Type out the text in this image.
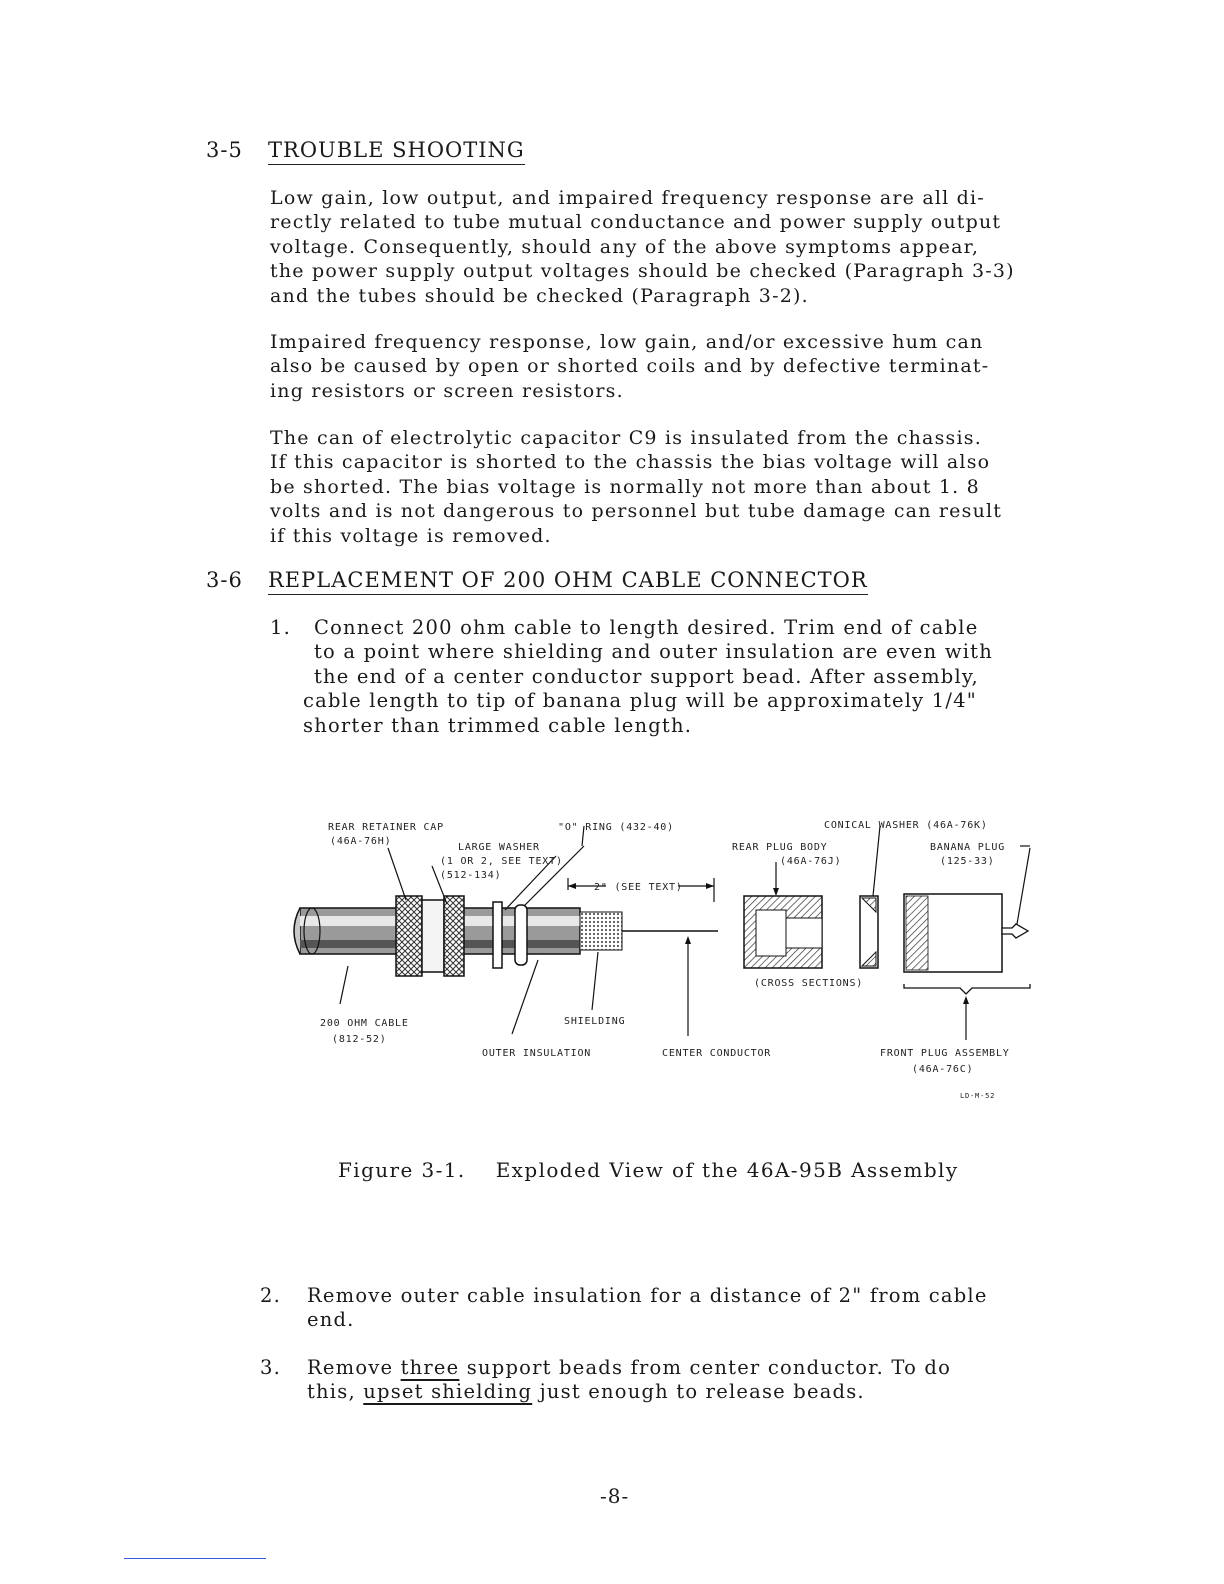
3-5 TROUBLE SHOOTING
Low gain, low output, and impaired frequency response are all di-
rectly related to tube mutual conductance and power supply output
voltage. Consequently, should any of the above symptoms appear,
the power supply output voltages should be checked (Paragraph 3-3)
and the tubes should be checked (Paragraph 3-2).
Impaired frequency response, low gain, and/or excessive hum can
also be caused by open or shorted coils and by defective terminat-
ing resistors or screen resistors.
The can of electrolytic capacitor C9 is insulated from the chassis.
If this capacitor is shorted to the chassis the bias voltage will also
be shorted. The bias voltage is normally not more than about 1. 8
volts and is not dangerous to personnel but tube damage can result
if this voltage is removed.
3-6 REPLACEMENT OF 200 OHM CABLE CONNECTOR
1. Connect 200 ohm cable to length desired. Trim end of cable
to a point where shielding and outer insulation are even with
the end of a center conductor support bead. After assembly,
cable length to tip of banana plug will be approximately 1/4"
shorter than trimmed cable length.
REAR RETAINER CAP
(46A-76H)
"O" RING (432-40)
LARGE WASHER
(1 OR 2, SEE TEXT)
(512-134)
2" (SEE TEXT)
CONICAL WASHER (46A-76K)
REAR PLUG BODY
(46A-76J)
BANANA PLUG
(125-33)
(CROSS SECTIONS)
200 OHM CABLE
(812-52)
SHIELDING
OUTER INSULATION	CENTER CONDUCTOR	FRONT PLUG ASSEMBLY
(46A-76C)
LD-M-52
Figure 3-1. Exploded View of the 46A-95B Assembly
2. Remove outer cable insulation for a distance of 2" from cable
end.
3. Remove three support beads from center conductor. To do
this, upset shielding just enough to release beads.
-8-
